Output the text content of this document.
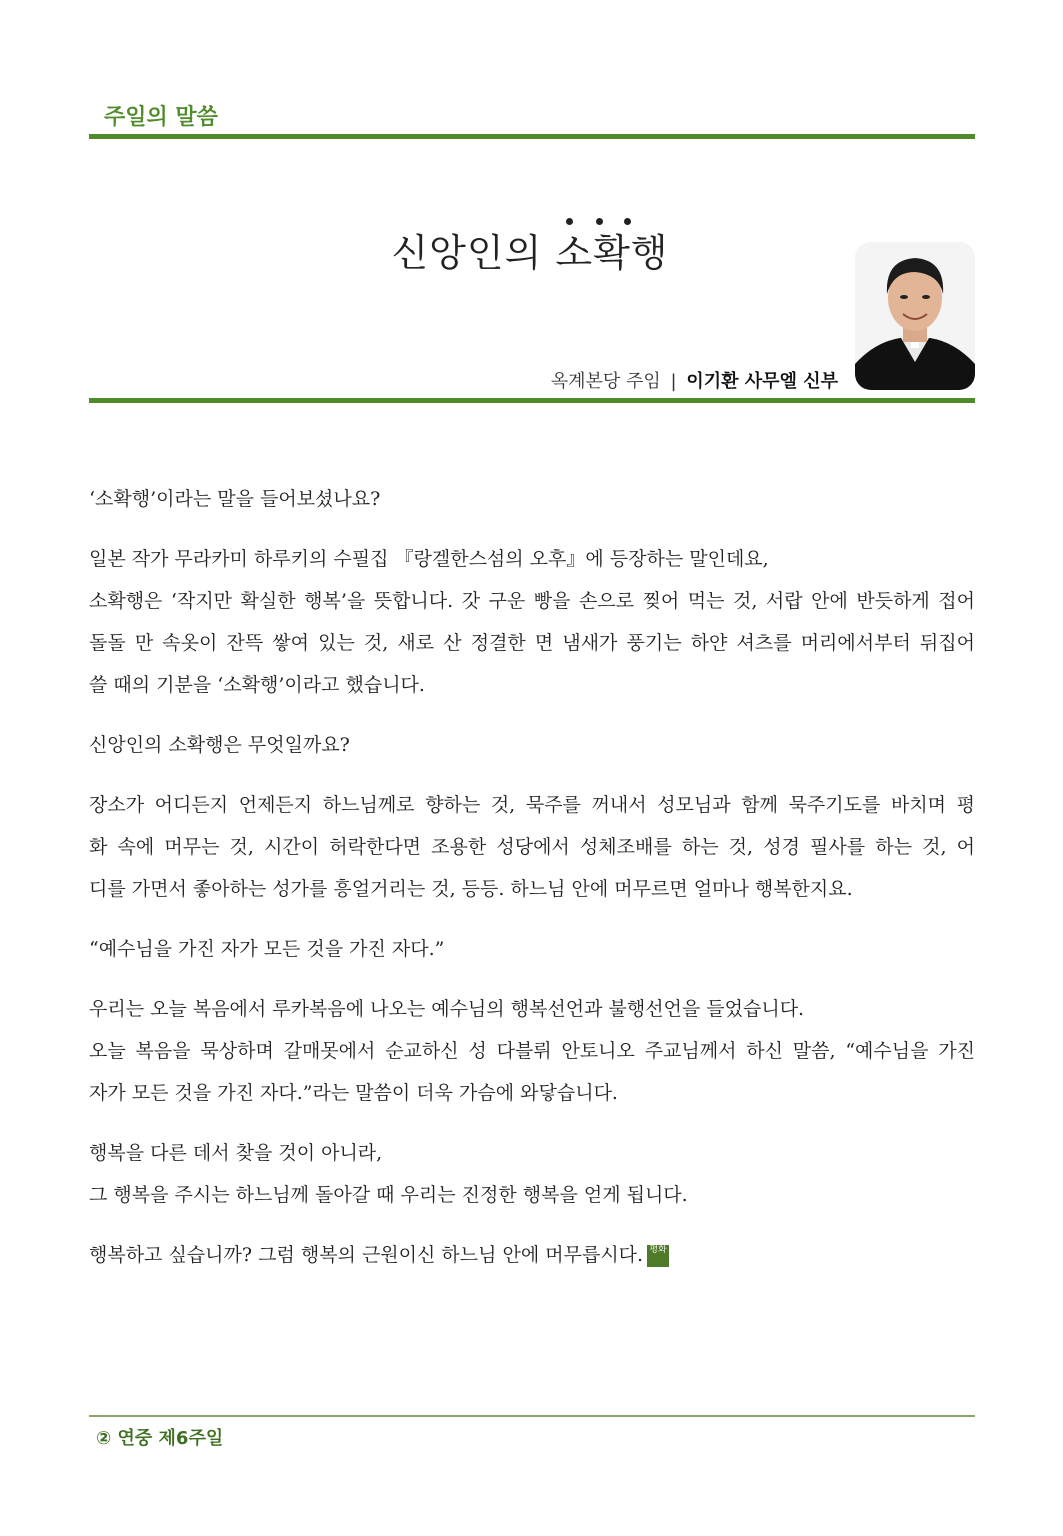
주일의 말씀
신앙인의 소확행
옥계본당 주임 | 이기환 사무엘 신부
‘소확행’이라는 말을 들어보셨나요?
일본 작가 무라카미 하루키의 수필집 『랑겔한스섬의 오후』에 등장하는 말인데요,
소확행은 ‘작지만 확실한 행복’을 뜻합니다. 갓 구운 빵을 손으로 찢어 먹는 것, 서랍 안에 반듯하게 접어
돌돌 만 속옷이 잔뜩 쌓여 있는 것, 새로 산 정결한 면 냄새가 풍기는 하얀 셔츠를 머리에서부터 뒤집어
쓸 때의 기분을 ‘소확행’이라고 했습니다.
신앙인의 소확행은 무엇일까요?
장소가 어디든지 언제든지 하느님께로 향하는 것, 묵주를 꺼내서 성모님과 함께 묵주기도를 바치며 평
화 속에 머무는 것, 시간이 허락한다면 조용한 성당에서 성체조배를 하는 것, 성경 필사를 하는 것, 어
디를 가면서 좋아하는 성가를 흥얼거리는 것, 등등. 하느님 안에 머무르면 얼마나 행복한지요.
“예수님을 가진 자가 모든 것을 가진 자다.”
우리는 오늘 복음에서 루카복음에 나오는 예수님의 행복선언과 불행선언을 들었습니다.
오늘 복음을 묵상하며 갈매못에서 순교하신 성 다블뤼 안토니오 주교님께서 하신 말씀, “예수님을 가진
자가 모든 것을 가진 자다.”라는 말씀이 더욱 가슴에 와닿습니다.
행복을 다른 데서 찾을 것이 아니라,
그 행복을 주시는 하느님께 돌아갈 때 우리는 진정한 행복을 얻게 됩니다.
행복하고 싶습니까? 그럼 행복의 근원이신 하느님 안에 머무릅시다. 평화
② 연중 제6주일
